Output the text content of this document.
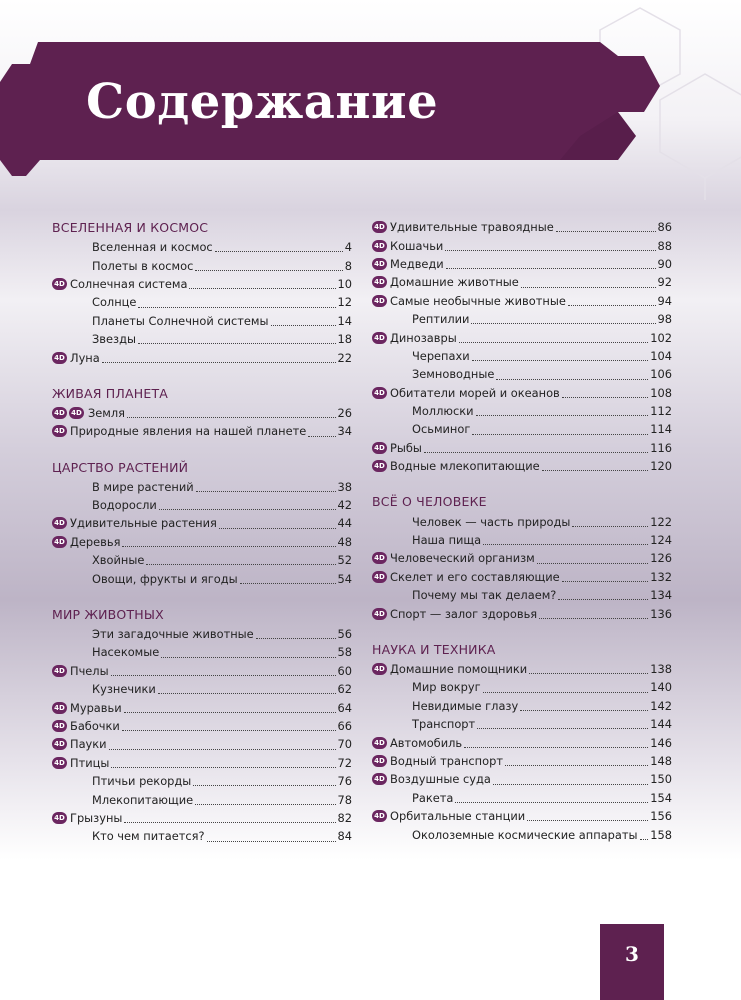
Содержание
ВСЕЛЕННАЯ И КОСМОС
Вселенная и космос	4
Полеты в космос	8
4D Солнечная система	10
Солнце	12
Планеты Солнечной системы	14
Звезды	18
4D Луна	22
ЖИВАЯ ПЛАНЕТА
4D 4D Земля	26
4D Природные явления на нашей планете	34
ЦАРСТВО РАСТЕНИЙ
В мире растений	38
Водоросли	42
4D Удивительные растения	44
4D Деревья	48
Хвойные	52
Овощи, фрукты и ягоды	54
МИР ЖИВОТНЫХ
Эти загадочные животные	56
Насекомые	58
4D Пчелы	60
Кузнечики	62
4D Муравьи	64
4D Бабочки	66
4D Пауки	70
4D Птицы	72
Птичьи рекорды	76
Млекопитающие	78
4D Грызуны	82
Кто чем питается?	84
4D Удивительные травоядные	86
4D Кошачьи	88
4D Медведи	90
4D Домашние животные	92
4D Самые необычные животные	94
Рептилии	98
4D Динозавры	102
Черепахи	104
Земноводные	106
4D Обитатели морей и океанов	108
Моллюски	112
Осьминог	114
4D Рыбы	116
4D Водные млекопитающие	120
ВСЁ О ЧЕЛОВЕКЕ
Человек — часть природы	122
Наша пища	124
4D Человеческий организм	126
4D Скелет и его составляющие	132
Почему мы так делаем?	134
4D Спорт — залог здоровья	136
НАУКА И ТЕХНИКА
4D Домашние помощники	138
Мир вокруг	140
Невидимые глазу	142
Транспорт	144
4D Автомобиль	146
4D Водный транспорт	148
4D Воздушные суда	150
Ракета	154
4D Орбитальные станции	156
Околоземные космические аппараты 158
3
